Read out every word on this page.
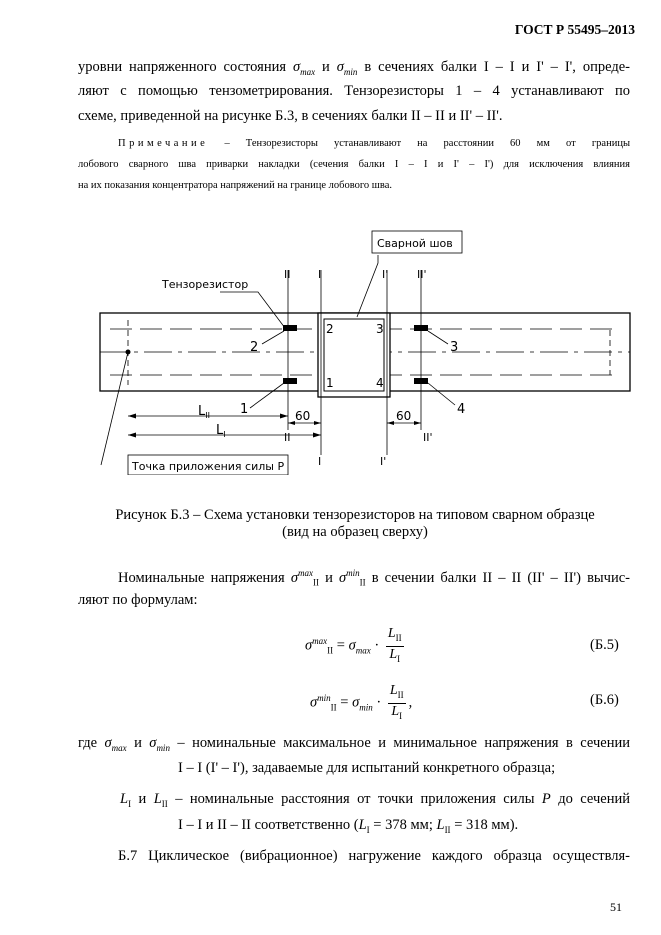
ГОСТ Р 55495–2013
уровни напряженного состояния $\sigma_{max}$ и $\sigma_{min}$ в сечениях балки I – I и I' – I', опреде-
ляют с помощью тензометрирования. Тензорезисторы 1 – 4 устанавливают по
схеме, приведенной на рисунке Б.3, в сечениях балки II – II и II' – II'.
Примечание – Тензорезисторы устанавливают на расстоянии 60 мм от границы
лобового сварного шва приварки накладки (сечения балки I – I и I' – I') для исключения влияния
на их показания концентратора напряжений на границе лобового шва.
Сварной шов
Тензорезистор
Точка приложения силы Р
II	I	I'	II'
II
I	I'
II'
2	3
1	4
2
1
3
4
60	60
$L_{II}$
$L_I$
Рисунок Б.3 – Схема установки тензорезисторов на типовом сварном образце
(вид на образец сверху)
Номинальные напряжения $\sigma^{max}_{II}$ и $\sigma^{min}_{II}$ в сечении балки II – II (II' – II') вычис-
ляют по формулам:
$\sigma^{max}_{II} = \sigma_{max} \cdot \frac{L_{II}}{L_I}$	(Б.5)
$\sigma^{min}_{II} = \sigma_{min} \cdot \frac{L_{II}}{L_I}$ ,	(Б.6)
где $\sigma_{max}$ и $\sigma_{min}$ – номинальные максимальное и минимальное напряжения в сечении
I – I (I' – I'), задаваемые для испытаний конкретного образца;
$L_I$ и $L_{II}$ – номинальные расстояния от точки приложения силы P до сечений
I – I и II – II соответственно ($L_I = 378$ мм; $L_{II} = 318$ мм).
Б.7 Циклическое (вибрационное) нагружение каждого образца осуществля-
51
